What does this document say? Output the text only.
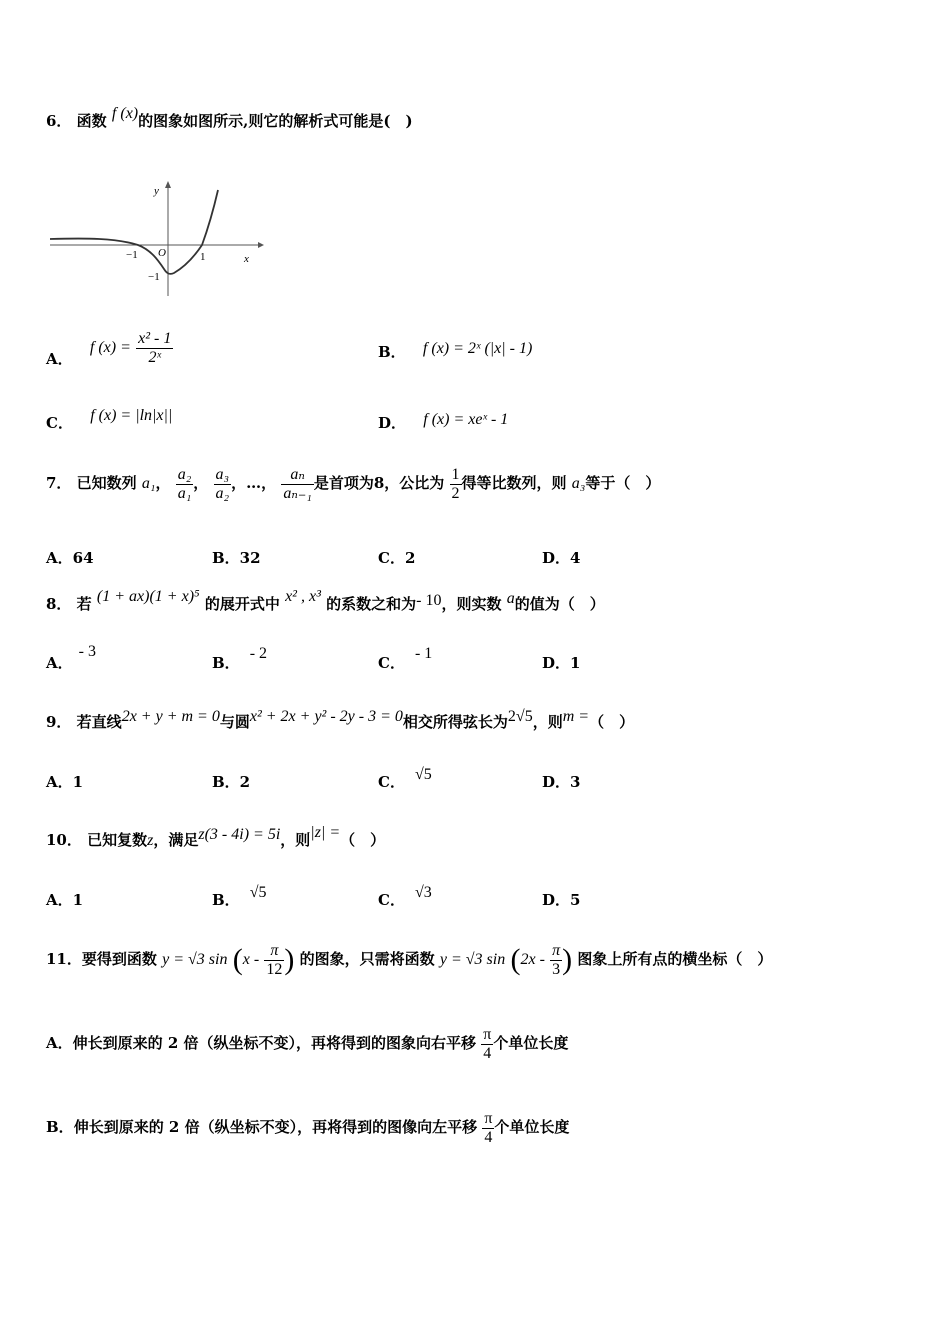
6． 函数 f (x)的图象如图所示,则它的解析式可能是(　)
y
x
O
−1	1
−1
A． f $(x) = \frac{\text{x² - 1}}{\text{2ˣ}}$	B． f (x) = 2ˣ (|x| - 1)
C． f (x) = |ln|x||	D． f (x) = xeˣ - 1
7． 已知数列 a₁， $\frac{\text{a₂}}{\text{a₁}}$ ， $\frac{\text{a₃}}{\text{a₂}}$ ，…， $\frac{\text{aₙ}}{\text{aₙ₋₁}}$ 是首项为8，公比为 $\frac{1}{2}$ 得等比数列，则 a₃等于（　）
A．64	B．32	C．2	D．4
8． 若 (1 + ax)(1 + x)⁵ 的展开式中 x² , x³ 的系数之和为- 10，则实数 a的值为（　）
A．- 3
B．- 2
C．- 1
D．1
9． 若直线2x + y + m = 0与圆x² + 2x + y² - 2y - 3 = 0相交所得弦长为2√5，则m =（　）
A．1	B．2	C． √5	D．3
10． 已知复数z，满足z(3 - 4i) = 5i，则|z| =（　）
A．1	B． √5	C． √3	D．5
11．要得到函数 y = √3 $\sin (x - \frac{\pi}{12}$ ) 的图象，只需将函数 y = √3 $\sin (2x - \frac{\pi}{3}$ ) 图象上所有点的横坐标（　）
A．伸长到原来的 2 倍（纵坐标不变），再将得到的图象向右平移 $\frac{\pi}{4}$ 个单位长度
B．伸长到原来的 2 倍（纵坐标不变），再将得到的图像向左平移 $\frac{\pi}{4}$ 个单位长度
